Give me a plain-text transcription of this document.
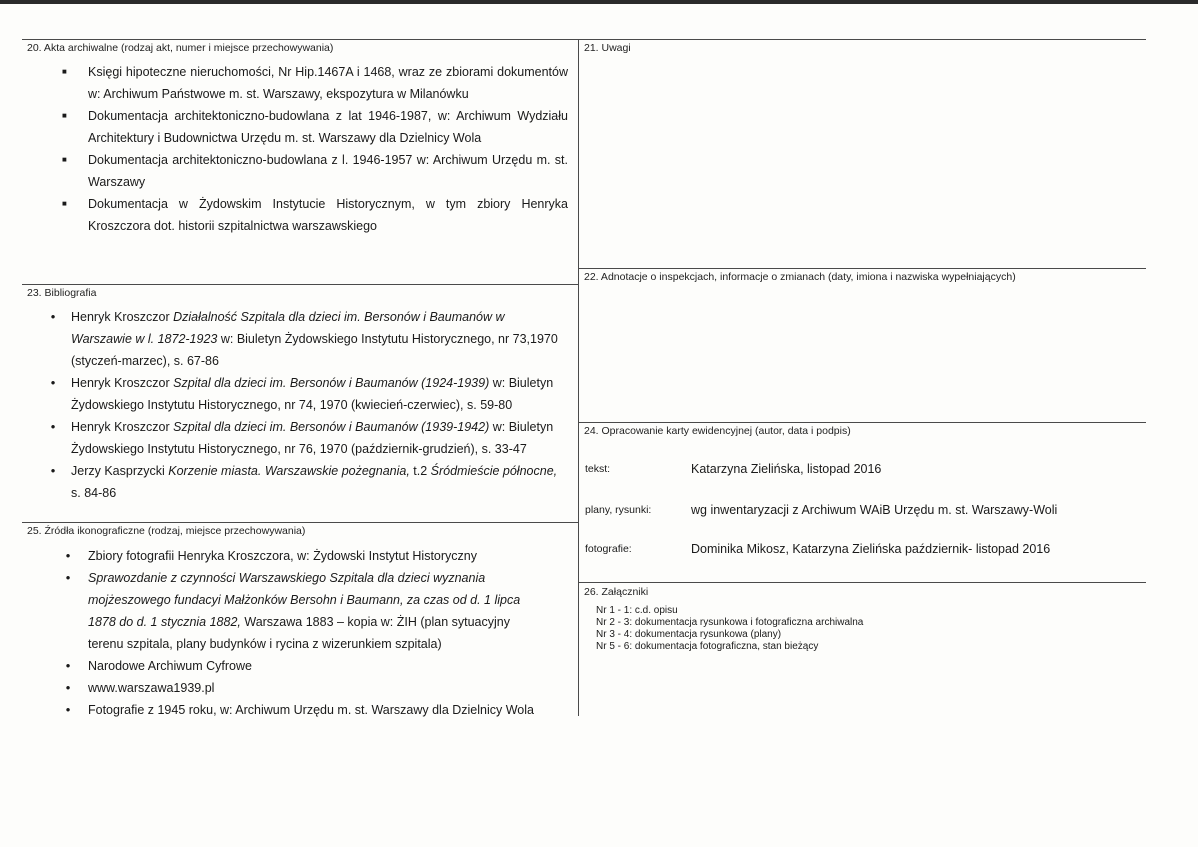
20. Akta archiwalne (rodzaj akt, numer i miejsce przechowywania)
■	Księgi hipoteczne nieruchomości, Nr Hip.1467A i 1468, wraz ze zbiorami dokumentów w: Archiwum Państwowe m. st. Warszawy, ekspozytura w Milanówku
■	Dokumentacja architektoniczno-budowlana z lat 1946-1987, w: Archiwum Wydziału Architektury i Budownictwa Urzędu m. st. Warszawy dla Dzielnicy Wola
■	Dokumentacja architektoniczno-budowlana z l. 1946-1957 w: Archiwum Urzędu m. st. Warszawy
■	Dokumentacja w Żydowskim Instytucie Historycznym, w tym zbiory Henryka Kroszczora dot. historii szpitalnictwa warszawskiego
21. Uwagi
22. Adnotacje o inspekcjach, informacje o zmianach (daty, imiona i nazwiska wypełniających)
23. Bibliografia
• Henryk Kroszczor Działalność Szpitala dla dzieci im. Bersonów i Baumanów w Warszawie w l. 1872-1923 w: Biuletyn Żydowskiego Instytutu Historycznego, nr 73,1970 (styczeń-marzec), s. 67-86
• Henryk Kroszczor Szpital dla dzieci im. Bersonów i Baumanów (1924-1939) w: Biuletyn Żydowskiego Instytutu Historycznego, nr 74, 1970 (kwiecień-czerwiec), s. 59-80
• Henryk Kroszczor Szpital dla dzieci im. Bersonów i Baumanów (1939-1942) w: Biuletyn Żydowskiego Instytutu Historycznego, nr 76, 1970 (październik-grudzień), s. 33-47
• Jerzy Kasprzycki Korzenie miasta. Warszawskie pożegnania, t.2 Śródmieście północne, s. 84-86
24. Opracowanie karty ewidencyjnej (autor, data i podpis)
tekst:	Katarzyna Zielińska, listopad 2016
plany, rysunki:	wg inwentaryzacji z Archiwum WAiB Urzędu m. st. Warszawy-Woli
fotografie:	Dominika Mikosz, Katarzyna Zielińska październik- listopad 2016
25. Źródła ikonograficzne (rodzaj, miejsce przechowywania)
• Zbiory fotografii Henryka Kroszczora, w: Żydowski Instytut Historyczny
• Sprawozdanie z czynności Warszawskiego Szpitala dla dzieci wyznania mojżeszowego fundacyi Małżonków Bersohn i Baumann, za czas od d. 1 lipca 1878 do d. 1 stycznia 1882, Warszawa 1883 – kopia w: ŻIH (plan sytuacyjny terenu szpitala, plany budynków i rycina z wizerunkiem szpitala)
• Narodowe Archiwum Cyfrowe
• www.warszawa1939.pl
• Fotografie z 1945 roku, w: Archiwum Urzędu m. st. Warszawy dla Dzielnicy Wola
26. Załączniki
Nr 1 - 1: c.d. opisu
Nr 2 - 3: dokumentacja rysunkowa i fotograficzna archiwalna
Nr 3 - 4: dokumentacja rysunkowa (plany)
Nr 5 - 6: dokumentacja fotograficzna, stan bieżący
